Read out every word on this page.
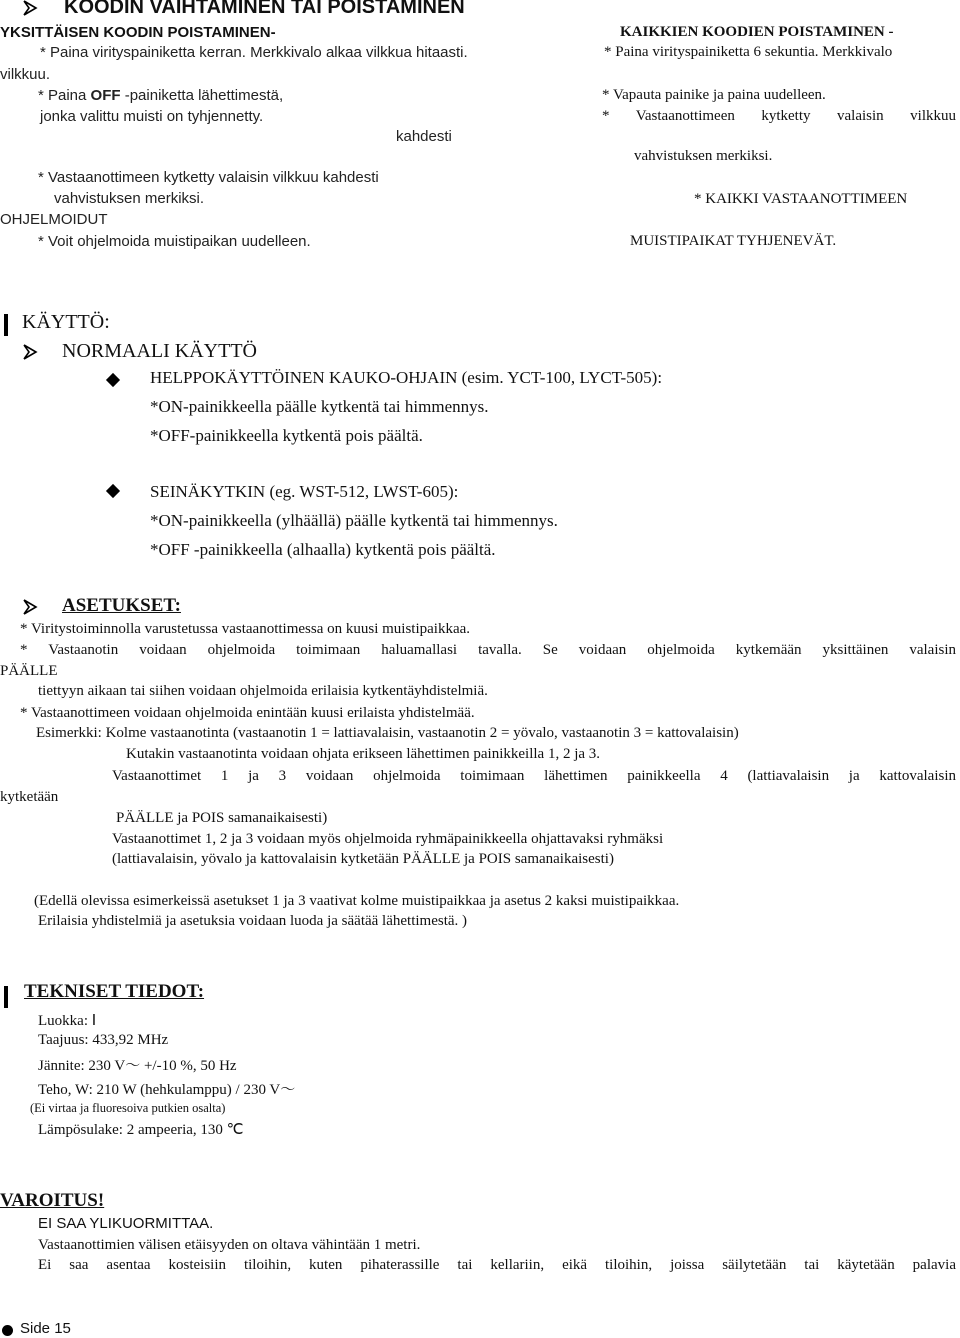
KOODIN VAIHTAMINEN TAI POISTAMINEN
YKSITTÄISEN KOODIN POISTAMINEN-
* Paina virityspainiketta kerran. Merkkivalo alkaa vilkkua hitaasti.
vilkkuu.
* Paina OFF -painiketta lähettimestä,
jonka valittu muisti on tyhjennetty.
kahdesti
* Vastaanottimeen kytketty valaisin vilkkuu kahdesti
vahvistuksen merkiksi.
OHJELMOIDUT
* Voit ohjelmoida muistipaikan uudelleen.
KAIKKIEN KOODIEN POISTAMINEN -
* Paina virityspainiketta 6 sekuntia. Merkkivalo
* Vapauta painike ja paina uudelleen.
* Vastaanottimeen kytketty valaisin vilkkuu
vahvistuksen merkiksi.
* KAIKKI VASTAANOTTIMEEN
MUISTIPAIKAT TYHJENEVÄT.
KÄYTTÖ:
NORMAALI KÄYTTÖ
HELPPOKÄYTTÖINEN KAUKO-OHJAIN (esim. YCT-100, LYCT-505):
*ON-painikkeella päälle kytkentä tai himmennys.
*OFF-painikkeella kytkentä pois päältä.
SEINÄKYTKIN (eg. WST-512, LWST-605):
*ON-painikkeella (ylhäällä) päälle kytkentä tai himmennys.
*OFF -painikkeella (alhaalla) kytkentä pois päältä.
ASETUKSET:
* Viritystoiminnolla varustetussa vastaanottimessa on kuusi muistipaikkaa.
* Vastaanotin voidaan ohjelmoida toimimaan haluamallasi tavalla. Se voidaan ohjelmoida kytkemään yksittäinen valaisin
PÄÄLLE
tiettyyn aikaan tai siihen voidaan ohjelmoida erilaisia kytkentäyhdistelmiä.
* Vastaanottimeen voidaan ohjelmoida enintään kuusi erilaista yhdistelmää.
Esimerkki: Kolme vastaanotinta (vastaanotin 1 = lattiavalaisin, vastaanotin 2 = yövalo, vastaanotin 3 = kattovalaisin)
Kutakin vastaanotinta voidaan ohjata erikseen lähettimen painikkeilla 1, 2 ja 3.
Vastaanottimet 1 ja 3 voidaan ohjelmoida toimimaan lähettimen painikkeella 4 (lattiavalaisin ja kattovalaisin
kytketään
PÄÄLLE ja POIS samanaikaisesti)
Vastaanottimet 1, 2 ja 3 voidaan myös ohjelmoida ryhmäpainikkeella ohjattavaksi ryhmäksi
(lattiavalaisin, yövalo ja kattovalaisin kytketään PÄÄLLE ja POIS samanaikaisesti)
(Edellä olevissa esimerkeissä asetukset 1 ja 3 vaativat kolme muistipaikkaa ja asetus 2 kaksi muistipaikkaa.
Erilaisia yhdistelmiä ja asetuksia voidaan luoda ja säätää lähettimestä. )
TEKNISET TIEDOT:
Luokka: Ⅰ
Taajuus: 433,92 MHz
Jännite: 230 V～ +/-10 %, 50 Hz
Teho, W: 210 W (hehkulamppu) / 230 V～
(Ei virtaa ja fluoresoiva putkien osalta)
Lämpösulake: 2 ampeeria, 130 ℃
VAROITUS!
EI SAA YLIKUORMITTAA.
Vastaanottimien välisen etäisyyden on oltava vähintään 1 metri.
Ei saa asentaa kosteisiin tiloihin, kuten pihaterassille tai kellariin, eikä tiloihin, joissa säilytetään tai käytetään palavia
Side 15
